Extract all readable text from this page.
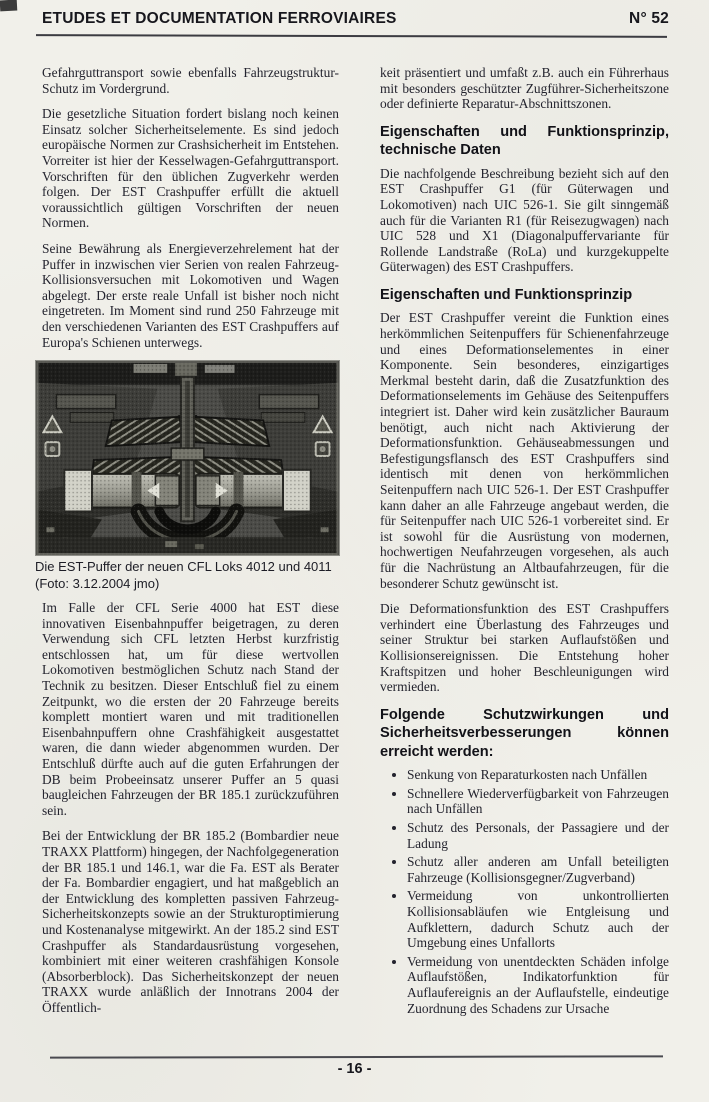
ETUDES ET DOCUMENTATION FERROVIAIRES	N° 52

Gefahrguttransport sowie ebenfalls Fahrzeugstruktur-Schutz im Vordergrund.

Die gesetzliche Situation fordert bislang noch keinen Einsatz solcher Sicherheitselemente. Es sind jedoch europäische Normen zur Crashsicherheit im Entstehen. Vorreiter ist hier der Kesselwagen-Gefahrguttransport. Vorschriften für den üblichen Zugverkehr werden folgen. Der EST Crashpuffer erfüllt die aktuell voraussichtlich gültigen Vorschriften der neuen Normen.

Seine Bewährung als Energieverzehrelement hat der Puffer in inzwischen vier Serien von realen Fahrzeug-Kollisionsversuchen mit Lokomotiven und Wagen abgelegt. Der erste reale Unfall ist bisher noch nicht eingetreten. Im Moment sind rund 250 Fahrzeuge mit den verschiedenen Varianten des EST Crashpuffers auf Europa's Schienen unterwegs.

Die EST-Puffer der neuen CFL Loks 4012 und 4011 (Foto: 3.12.2004 jmo)

Im Falle der CFL Serie 4000 hat EST diese innovativen Eisenbahnpuffer beigetragen, zu deren Verwendung sich CFL letzten Herbst kurzfristig entschlossen hat, um für diese wertvollen Lokomotiven bestmöglichen Schutz nach Stand der Technik zu besitzen. Dieser Entschluß fiel zu einem Zeitpunkt, wo die ersten der 20 Fahrzeuge bereits komplett montiert waren und mit traditionellen Eisenbahnpuffern ohne Crashfähigkeit ausgestattet waren, die dann wieder abgenommen wurden. Der Entschluß dürfte auch auf die guten Erfahrungen der DB beim Probeeinsatz unserer Puffer an 5 quasi baugleichen Fahrzeugen der BR 185.1 zurückzuführen sein.

Bei der Entwicklung der BR 185.2 (Bombardier neue TRAXX Plattform) hingegen, der Nachfolgegeneration der BR 185.1 und 146.1, war die Fa. EST als Berater der Fa. Bombardier engagiert, und hat maßgeblich an der Entwicklung des kompletten passiven Fahrzeug-Sicherheitskonzepts sowie an der Strukturoptimierung und Kostenanalyse mitgewirkt. An der 185.2 sind EST Crashpuffer als Standardausrüstung vorgesehen, kombiniert mit einer weiteren crashfähigen Konsole (Absorberblock). Das Sicherheitskonzept der neuen TRAXX wurde anläßlich der Innotrans 2004 der Öffentlich-

keit präsentiert und umfaßt z.B. auch ein Führerhaus mit besonders geschützter Zugführer-Sicherheitszone oder definierte Reparatur-Abschnittszonen.

Eigenschaften und Funktionsprinzip, technische Daten

Die nachfolgende Beschreibung bezieht sich auf den EST Crashpuffer G1 (für Güterwagen und Lokomotiven) nach UIC 526-1. Sie gilt sinngemäß auch für die Varianten R1 (für Reisezugwagen) nach UIC 528 und X1 (Diagonalpuffervariante für Rollende Landstraße (RoLa) und kurzgekuppelte Güterwagen) des EST Crashpuffers.

Eigenschaften und Funktionsprinzip

Der EST Crashpuffer vereint die Funktion eines herkömmlichen Seitenpuffers für Schienenfahrzeuge und eines Deformationselementes in einer Komponente. Sein besonderes, einzigartiges Merkmal besteht darin, daß die Zusatzfunktion des Deformationselements im Gehäuse des Seitenpuffers integriert ist. Daher wird kein zusätzlicher Bauraum benötigt, auch nicht nach Aktivierung der Deformationsfunktion. Gehäuseabmessungen und Befestigungsflansch des EST Crashpuffers sind identisch mit denen von herkömmlichen Seitenpuffern nach UIC 526-1. Der EST Crashpuffer kann daher an alle Fahrzeuge angebaut werden, die für Seitenpuffer nach UIC 526-1 vorbereitet sind. Er ist sowohl für die Ausrüstung von modernen, hochwertigen Neufahrzeugen vorgesehen, als auch für die Nachrüstung an Altbaufahrzeugen, für die besonderer Schutz gewünscht ist.

Die Deformationsfunktion des EST Crashpuffers verhindert eine Überlastung des Fahrzeuges und seiner Struktur bei starken Auflaufstößen und Kollisionsereignissen. Die Entstehung hoher Kraftspitzen und hoher Beschleunigungen wird vermieden.

Folgende Schutzwirkungen und Sicherheitsverbesserungen können erreicht werden:
• Senkung von Reparaturkosten nach Unfällen
• Schnellere Wiederverfügbarkeit von Fahrzeugen nach Unfällen
• Schutz des Personals, der Passagiere und der Ladung
• Schutz aller anderen am Unfall beteiligten Fahrzeuge (Kollisionsgegner/Zugverband)
• Vermeidung von unkontrollierten Kollisionsabläufen wie Entgleisung und Aufklettern, dadurch Schutz auch der Umgebung eines Unfallorts
• Vermeidung von unentdeckten Schäden infolge Auflaufstößen, Indikatorfunktion für Auflaufereignis an der Auflaufstelle, eindeutige Zuordnung des Schadens zur Ursache
- 16 -
